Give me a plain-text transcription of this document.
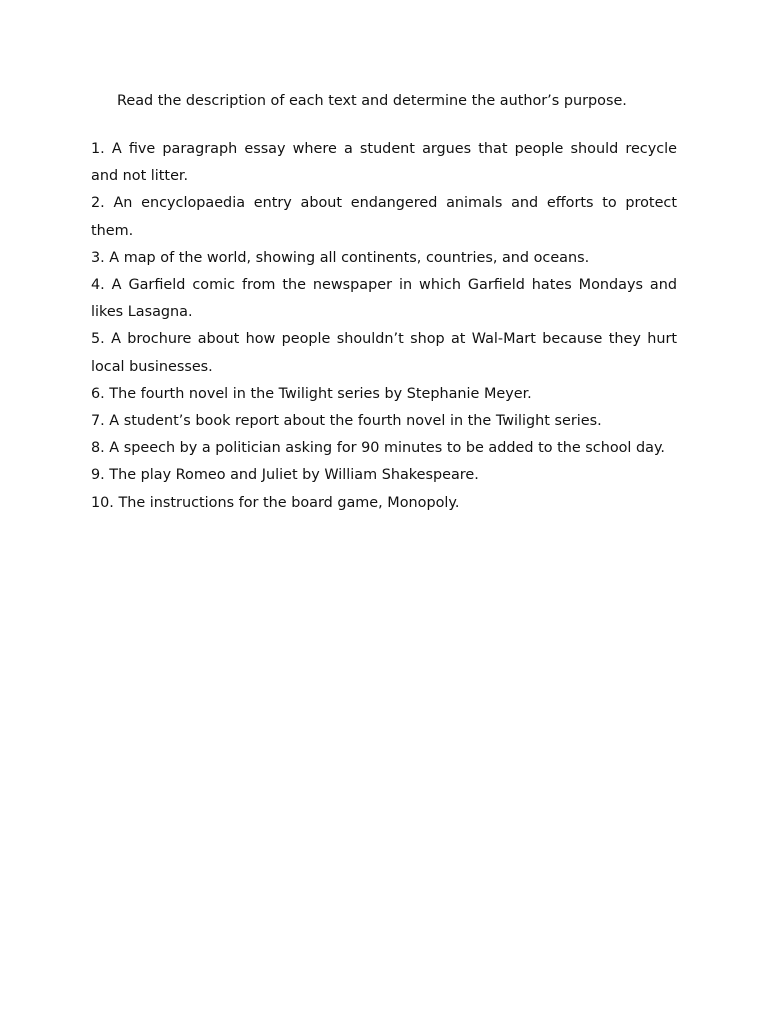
Read the description of each text and determine the author’s purpose.

1. A five paragraph essay where a student argues that people should recycle and not litter.
2. An encyclopaedia entry about endangered animals and efforts to protect them.
3. A map of the world, showing all continents, countries, and oceans.
4. A Garfield comic from the newspaper in which Garfield hates Mondays and likes Lasagna.
5. A brochure about how people shouldn’t shop at Wal-Mart because they hurt local businesses.
6. The fourth novel in the Twilight series by Stephanie Meyer.
7. A student’s book report about the fourth novel in the Twilight series.
8. A speech by a politician asking for 90 minutes to be added to the school day.
9. The play Romeo and Juliet by William Shakespeare.
10. The instructions for the board game, Monopoly.
